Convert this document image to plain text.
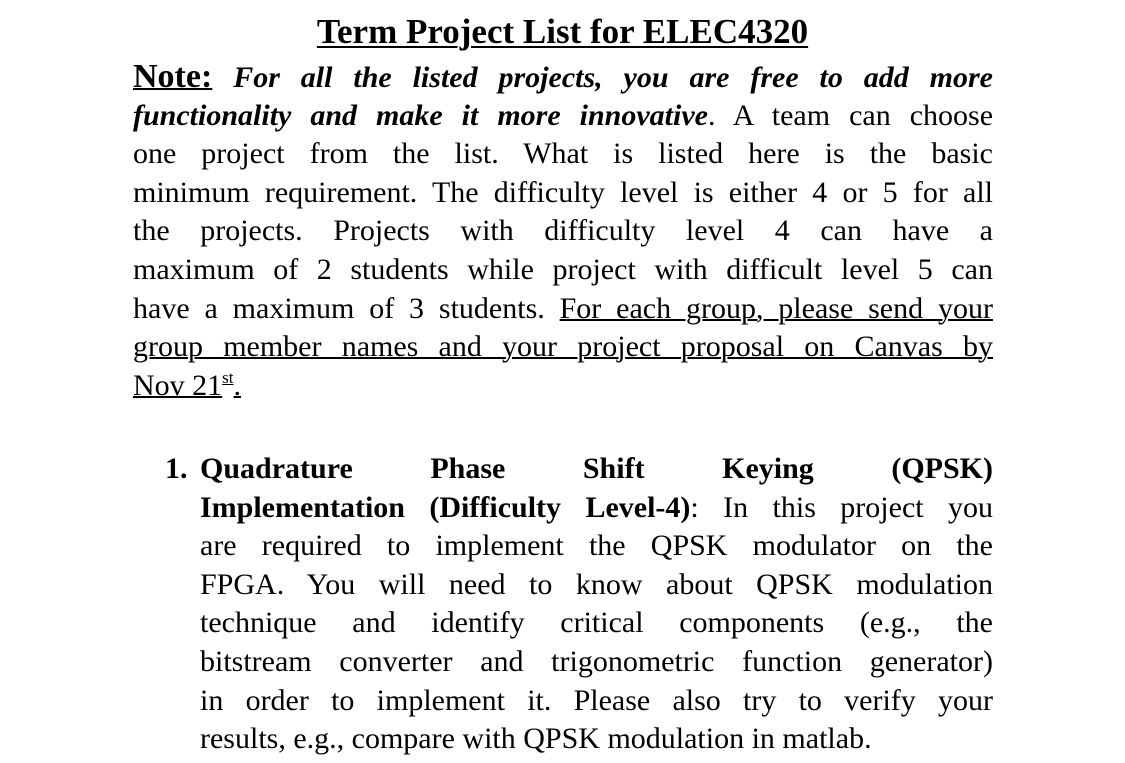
Term Project List for ELEC4320
Note: For all the listed projects, you are free to add more
functionality and make it more innovative. A team can choose
one project from the list. What is listed here is the basic
minimum requirement. The difficulty level is either 4 or 5 for all
the projects. Projects with difficulty level 4 can have a
maximum of 2 students while project with difficult level 5 can
have a maximum of 3 students. For each group, please send your
group member names and your project proposal on Canvas by
Nov 21st.
1. Quadrature Phase Shift Keying (QPSK)
Implementation (Difficulty Level-4): In this project you
are required to implement the QPSK modulator on the
FPGA. You will need to know about QPSK modulation
technique and identify critical components (e.g., the
bitstream converter and trigonometric function generator)
in order to implement it. Please also try to verify your
results, e.g., compare with QPSK modulation in matlab.
